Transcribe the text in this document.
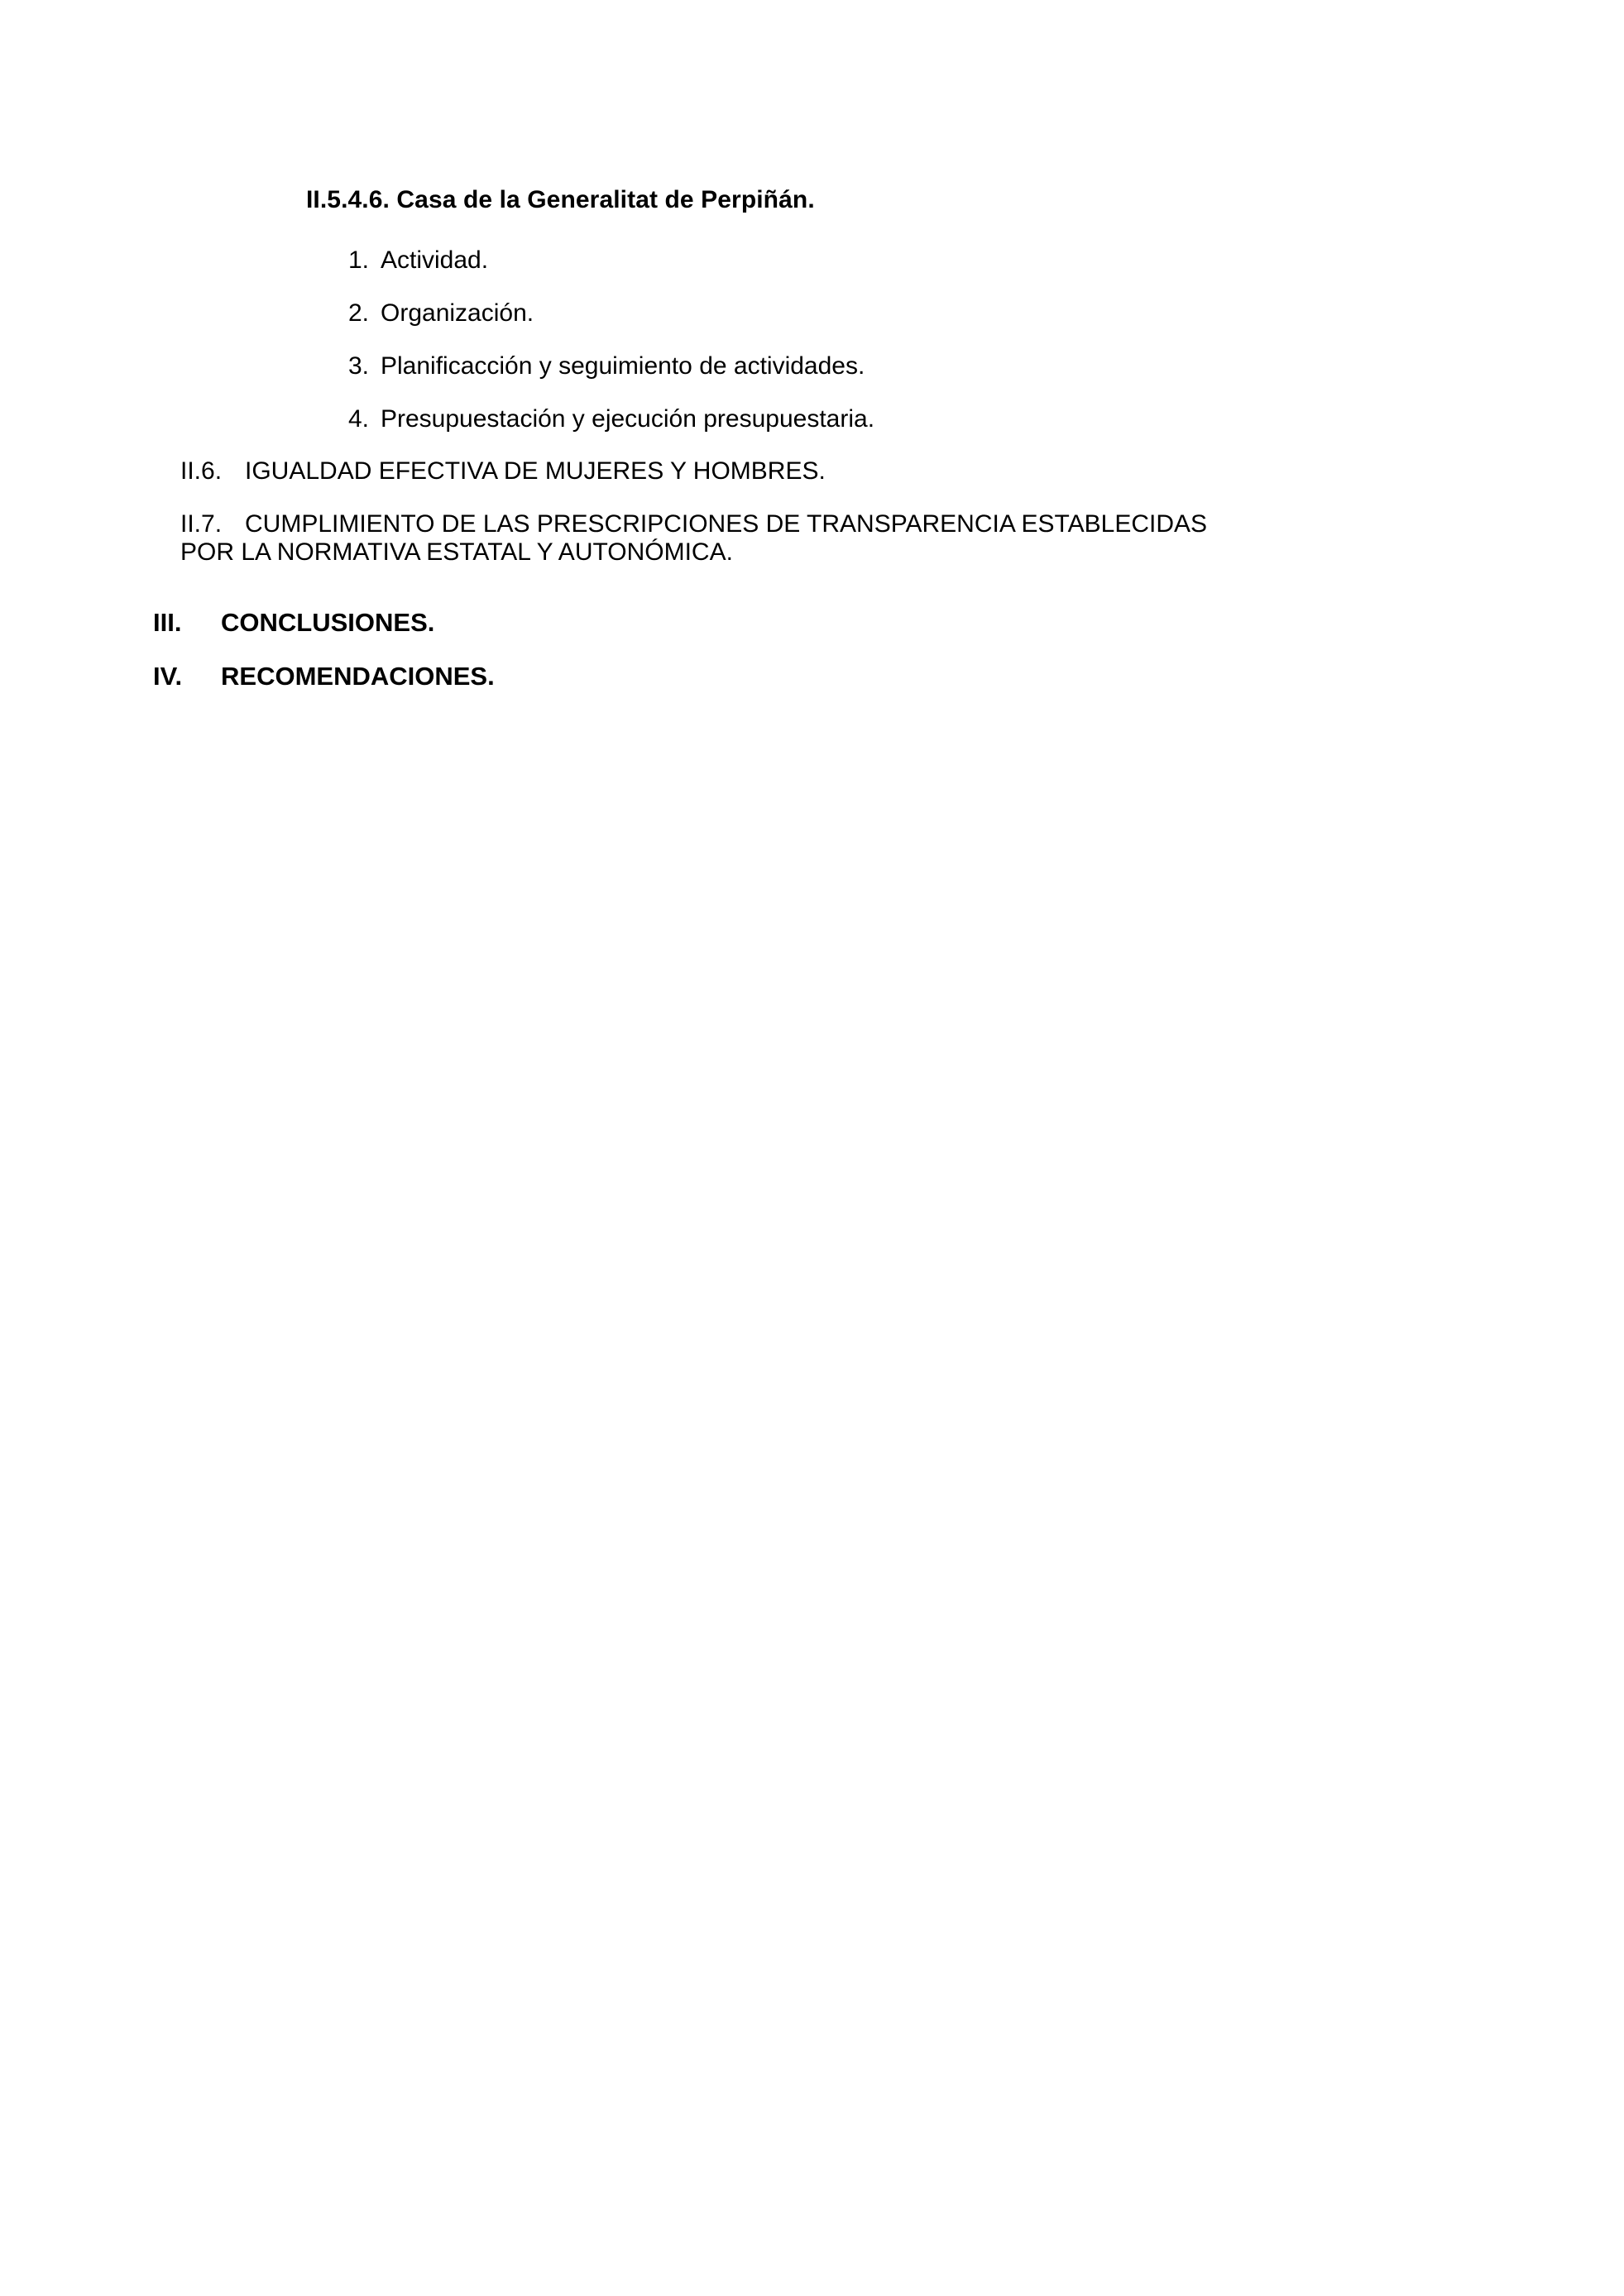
II.5.4.6. Casa de la Generalitat de Perpiñán.
1. Actividad.
2. Organización.
3. Planificacción y seguimiento de actividades.
4. Presupuestación y ejecución presupuestaria.
II.6. IGUALDAD EFECTIVA DE MUJERES Y HOMBRES.
II.7. CUMPLIMIENTO DE LAS PRESCRIPCIONES DE TRANSPARENCIA ESTABLECIDAS POR LA NORMATIVA ESTATAL Y AUTONÓMICA.
III. CONCLUSIONES.
IV. RECOMENDACIONES.
